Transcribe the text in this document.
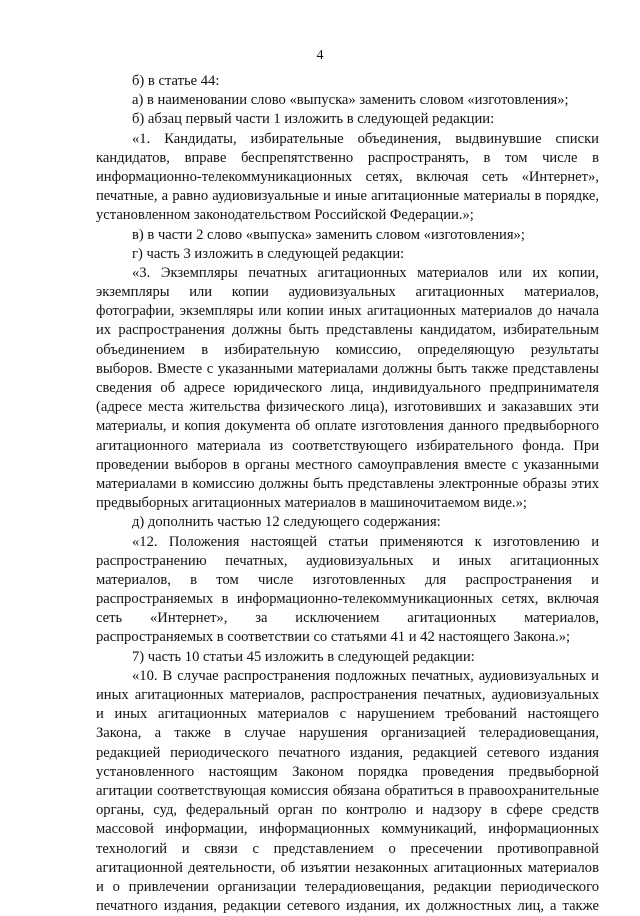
4
б) в статье 44:
а) в наименовании слово «выпуска» заменить словом «изготовления»;
б) абзац первый части 1 изложить в следующей редакции:
«1. Кандидаты, избирательные объединения, выдвинувшие списки
кандидатов, вправе беспрепятственно распространять, в том числе в
информационно-телекоммуникационных сетях, включая сеть «Интернет»,
печатные, а равно аудиовизуальные и иные агитационные материалы в порядке,
установленном законодательством Российской Федерации.»;
в) в части 2 слово «выпуска» заменить словом «изготовления»;
г) часть 3 изложить в следующей редакции:
«3. Экземпляры печатных агитационных материалов или их копии,
экземпляры или копии аудиовизуальных агитационных материалов,
фотографии, экземпляры или копии иных агитационных материалов до начала
их распространения должны быть представлены кандидатом, избирательным
объединением в избирательную комиссию, определяющую результаты
выборов. Вместе с указанными материалами должны быть также представлены
сведения об адресе юридического лица, индивидуального предпринимателя
(адресе места жительства физического лица), изготовивших и заказавших эти
материалы, и копия документа об оплате изготовления данного предвыборного
агитационного материала из соответствующего избирательного фонда. При
проведении выборов в органы местного самоуправления вместе с указанными
материалами в комиссию должны быть представлены электронные образы этих
предвыборных агитационных материалов в машиночитаемом виде.»;
д) дополнить частью 12 следующего содержания:
«12. Положения настоящей статьи применяются к изготовлению и
распространению печатных, аудиовизуальных и иных агитационных
материалов, в том числе изготовленных для распространения и
распространяемых в информационно-телекоммуникационных сетях, включая
сеть «Интернет», за исключением агитационных материалов,
распространяемых в соответствии со статьями 41 и 42 настоящего Закона.»;
7) часть 10 статьи 45 изложить в следующей редакции:
«10. В случае распространения подложных печатных, аудиовизуальных и
иных агитационных материалов, распространения печатных, аудиовизуальных
и иных агитационных материалов с нарушением требований настоящего
Закона, а также в случае нарушения организацией телерадиовещания,
редакцией периодического печатного издания, редакцией сетевого издания
установленного настоящим Законом порядка проведения предвыборной
агитации соответствующая комиссия обязана обратиться в правоохранительные
органы, суд, федеральный орган по контролю и надзору в сфере средств
массовой информации, информационных коммуникаций, информационных
технологий и связи с представлением о пресечении противоправной
агитационной деятельности, об изъятии незаконных агитационных материалов
и о привлечении организации телерадиовещания, редакции периодического
печатного издания, редакции сетевого издания, их должностных лиц, а также
